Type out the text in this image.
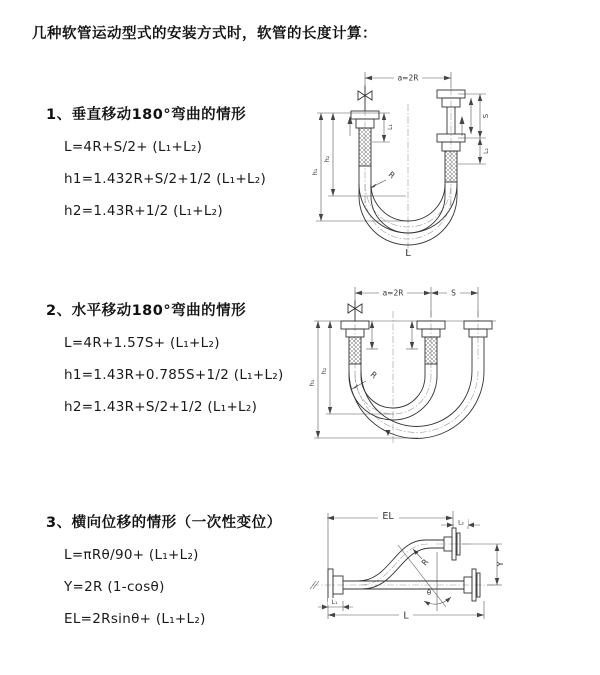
几种软管运动型式的安装方式时，软管的长度计算：
1、垂直移动180°弯曲的情形
L=4R+S/2+ (L₁+L₂)
h1=1.432R+S/2+1/2 (L₁+L₂)
h2=1.43R+1/2 (L₁+L₂)
2、水平移动180°弯曲的情形
L=4R+1.57S+ (L₁+L₂)
h1=1.43R+0.785S+1/2 (L₁+L₂)
h2=1.43R+S/2+1/2 (L₁+L₂)
3、横向位移的情形（一次性变位）
L=πRθ/90+ (L₁+L₂)
Y=2R (1-cosθ)
EL=2Rsinθ+ (L₁+L₂)
a=2R
h₁
h₂
L₁
S
L₂
R
L
a=2R	S
h₁
h₂	R
EL
L₂
Y
R
θ
L₁
L
